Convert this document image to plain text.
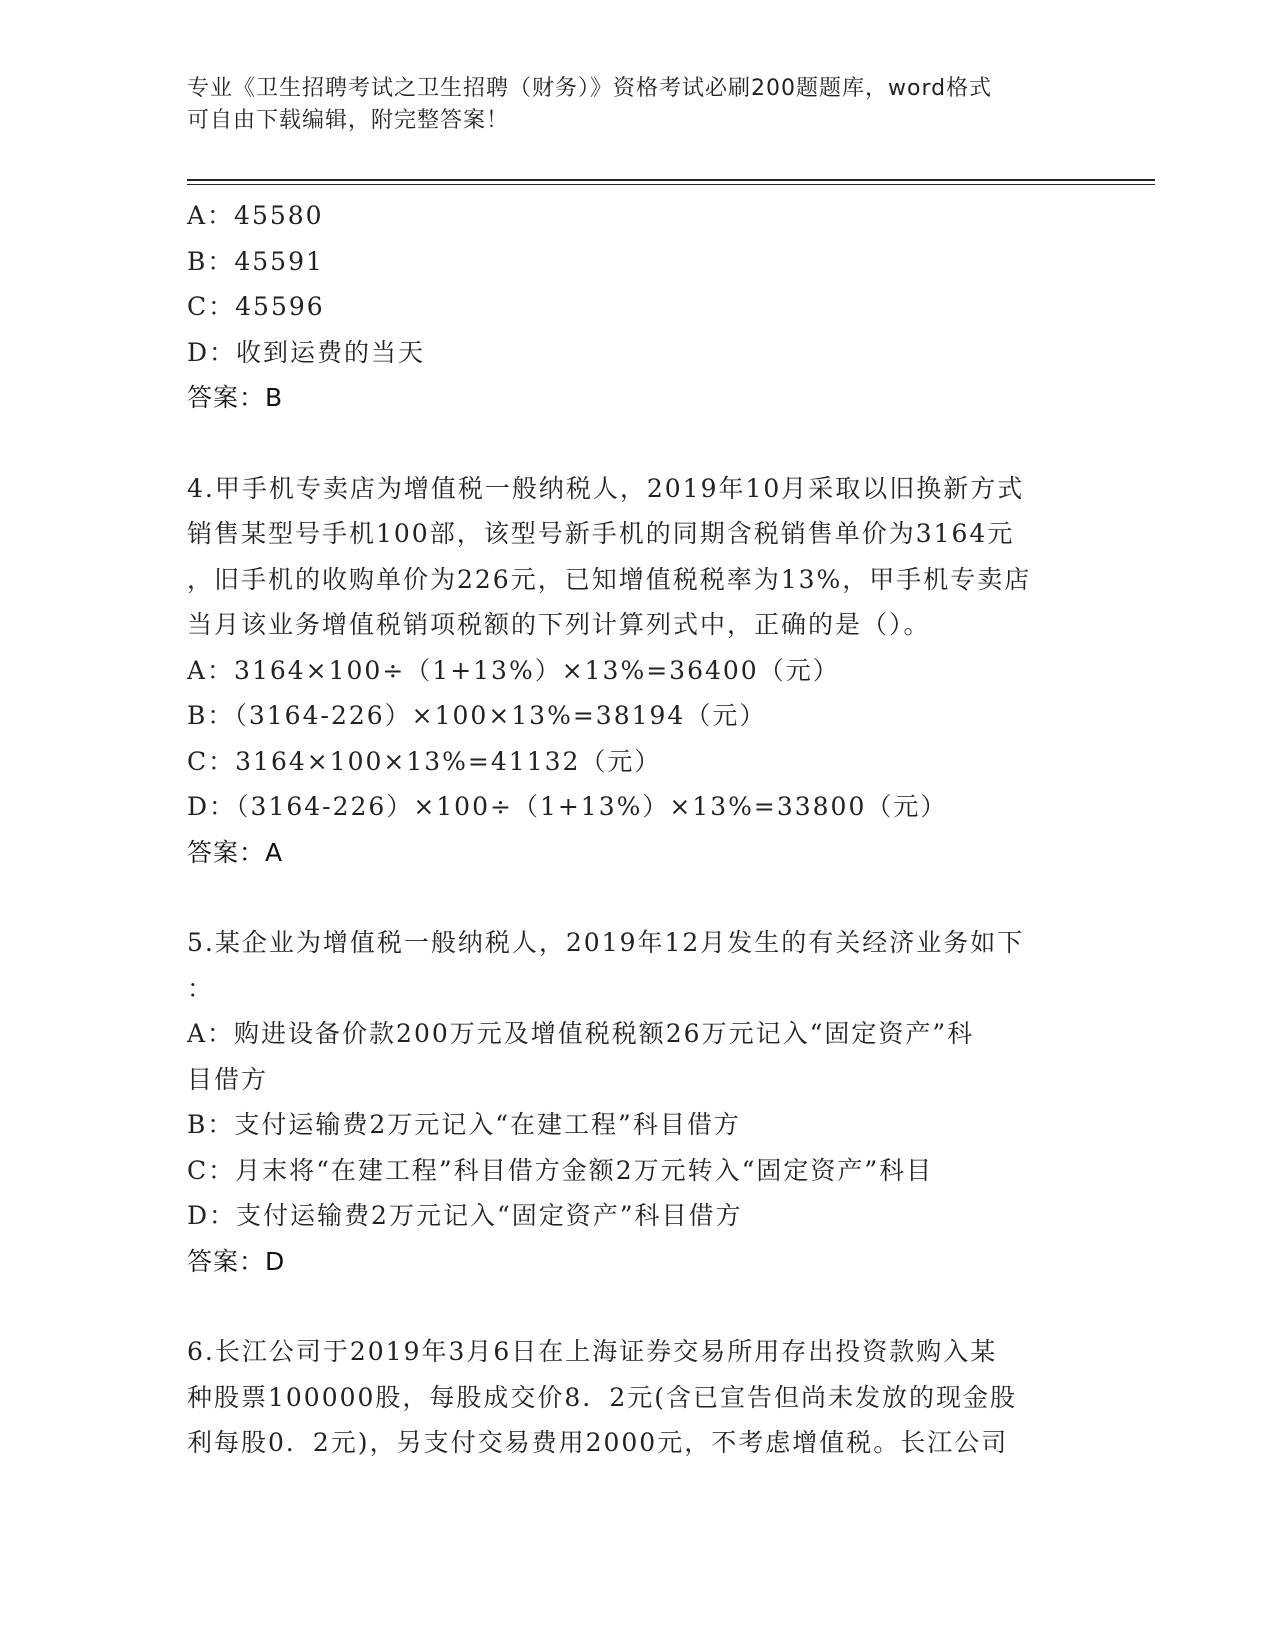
专业《卫生招聘考试之卫生招聘（财务）》资格考试必刷200题题库，word格式
可自由下载编辑，附完整答案！
A：45580
B：45591
C：45596
D：收到运费的当天
答案：B
4.甲手机专卖店为增值税一般纳税人，2019年10月采取以旧换新方式
销售某型号手机100部，该型号新手机的同期含税销售单价为3164元
，旧手机的收购单价为226元，已知增值税税率为13%，甲手机专卖店
当月该业务增值税销项税额的下列计算列式中，正确的是（）。
A：3164×100÷（1+13%）×13%=36400（元）
B：（3164-226）×100×13%=38194（元）
C：3164×100×13%=41132（元）
D：（3164-226）×100÷（1+13%）×13%=33800（元）
答案：A
5.某企业为增值税一般纳税人，2019年12月发生的有关经济业务如下
：
A：购进设备价款200万元及增值税税额26万元记入“固定资产”科
目借方
B：支付运输费2万元记入“在建工程”科目借方
C：月末将“在建工程”科目借方金额2万元转入“固定资产”科目
D：支付运输费2万元记入“固定资产”科目借方
答案：D
6.长江公司于2019年3月6日在上海证券交易所用存出投资款购入某
种股票100000股，每股成交价8．2元(含已宣告但尚未发放的现金股
利每股0．2元)，另支付交易费用2000元，不考虑增值税。长江公司
